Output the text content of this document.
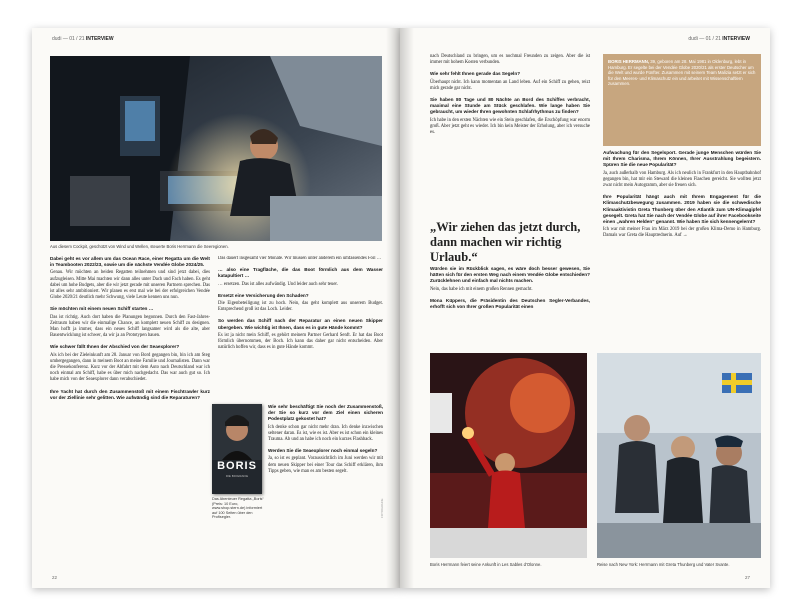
dudi — 01 / 21 INTERVIEW
Aus diesem Cockpit, geschützt von Wind und Wellen, steuerte Boris Herrmann die Seeregionen.
Dabei geht es vor allem um das Ocean Race, einer Regatta um die Welt in Teambooten 2022/23, sowie um die nächste Vendée Globe 2024/25.
Genau. Wir möchten an beiden Regatten teilnehmen und sind jetzt dabei, dies aufzugleisen. Mitte Mai machten wir dann alles unter Dach und Fach haben. Es geht dabei um hohe Budgets, aber die wir jetzt gerade mit unseren Partnern sprechen. Das ist alles sehr ambitioniert. Wir planen es erst mal wie bei der erfolgreichen Vendée Globe 2020/21 deutlich mehr Schwung, viele Leute kennen uns nun.
Sie möchten mit einem neuen Schiff starten …
Das ist richtig. Auch dort haben die Planungen begonnen. Durch den Fast-Jahres-Zeitraum haben wir die einmalige Chance, an komplett neuen Schiff zu designen. Man hofft ja immer, dass ein neues Schiff langsamer wird als die alte, aber Bauentwicklung ist schwer, da wir ja an Prototypen bauen.
Wie schwer fällt Ihnen der Abschied von der Seaexplorer?
Als ich bei der Zieleinkunft am 28. Januar von Bord gegangen bin, bin ich am Steg umhergegangen, dann in meinem Boot an meine Familie und Journalisten. Dann war die Pressekonferenz. Kurz vor der Abfahrt mit dem Auto nach Deutschland war ich noch einmal am Schiff, habe es über mich nachgedacht. Das war auch gut so. Ich habe mich von der Seaexplorer dann verabschiedet.
Ihre Yacht hat durch den Zusammenstoß mit einem Fischtrawler kurz vor der Ziellinie sehr gelitten. Wie aufwändig sind die Reparaturen?
Das dauert insgesamt vier Monate. Wir müssen unter anderem ein umfassendes Foil …
… also eine Tragfläche, die das Boot förmlich aus dem Wasser katapultiert …
… ersetzen. Das ist alles aufwändig. Und leider auch sehr teuer.
Ersetzt eine Versicherung den Schaden?
Die Eigenbeteiligung ist zu hoch. Nein, das geht komplett aus unserem Budget. Entsprechend groß ist das Loch. Leider.
So werden das Schiff nach der Reparatur an einen neuen Skipper übergeben. Wie wichtig ist Ihnen, dass es in gute Hände kommt?
Es ist ja nicht mein Schiff, es gehört meinem Partner Gerhard Senft. Er hat das Boot förmlich übernommen, der Boch. Ich kann das daher gar nicht entscheiden. Aber natürlich hoffen wir, dass es in gute Hände kommt.
Wie sehr beschäftigt Sie noch der Zusammenstoß, der Sie so kurz vor dem Ziel einen sicheren Podestplatz gekostet hat?
Ich denke schon gar nicht mehr dran. Ich denke inzwischen seltener daran. Es ist, wie es ist. Aber es ist schon ein kleines Trauma. Ab und an habe ich noch ein kurzes Flashback.
Werden Sie die Seaexplorer noch einmal segeln?
Ja, so ist es geplant. Voraussichtlich im Juni werden wir mit dem neuen Skipper bei einer Tour das Schiff erklären, ihm Tipps geben, wie man es am besten segelt.
BORIS
DIE BIOGRAFIE
Das Abenteuer Regatta „Boris“ (Preis: 10 Euro, www.shop.stern.de) informiert auf 100 Seiten über den Profisegler.	FOTOGRAFIE
22
dudi — 01 / 21 INTERVIEW
nach Deutschland zu bringen, um es nochmal Freunden zu zeigen. Aber die ist immer mit hohem Kosten verbunden.
Wie sehr fehlt Ihnen gerade das Segeln?
Überhaupt nicht. Ich kann momentan an Land leben. Auf ein Schiff zu gehen, reizt mich gerade gar nicht.
Sie haben 80 Tage und 80 Nächte an Bord des Schiffes verbracht, maximal eine Stunde am Stück geschlafen. Wie lange haben Sie gebraucht, um wieder Ihren gewohnten Schlafrhythmus zu finden?
Ich habe in den ersten Nächten wie ein Stein geschlafen, die Erschöpfung war enorm groß. Aber jetzt geht es wieder. Ich bin kein Meister der Erholung, aber ich versuche es.
„Wir ziehen das jetzt durch, dann machen wir richtig Urlaub.“
Würden sie im Rückblick sagen, es wäre doch besser gewesen, Sie hätten sich für den ersten Weg nach einem Vendée Globe entschieden? Zurücklehnen und einfach mal nichts machen.
Nein, das habe ich mit einem großen Rennen gemacht.
Mona Küppers, die Präsidentin des Deutschen Segler-Verbandes, erhofft sich von Ihrer großen Popularität einen
BORIS HERRMANN, 39, geboren am 28. Mai 1981 in Oldenburg, lebt in Hamburg. Er segelte bei der Vendée Globe 2020/21 als erster Deutscher um die Welt und wurde Fünfter. Zusammen mit seinem Team Malizia setzt er sich für den Meeres- und Klimaschutz ein und arbeitet mit Wissenschaftlern zusammen.
Aufwachung für den Segelsport. Gerade junge Menschen würden Sie mit Ihrem Charisma, Ihrem Können, Ihrer Ausstrahlung begeistern. Spüren Sie die neue Popularität?
Ja, auch außerhalb von Hamburg. Als ich neulich in Frankfurt in den Hauptbahnhof gegangen bin, hat mir ein Steward die kleinen Flaschen gereicht. Sie wollten jetzt zwar nicht mein Autogramm, aber sie freuen sich.
Ihre Popularität hängt auch mit Ihrem Engagement für die Klimaschutzbewegung zusammen. 2019 haben sie die schwedische Klimaaktivistin Greta Thunberg über den Atlantik zum UN-Klimagipfel gesegelt. Greta hat Sie nach der Vendée Globe auf ihrer Facebookseite einen „wahren Helden“ genannt. Wie haben Sie sich kennengelernt?
Ich war mit meiner Frau im März 2019 bei der großen Klima-Demo in Hamburg. Damals war Greta die Hauptrednerin. Auf →
Boris Herrmann feiert seine Ankunft in Les Sables d’Olonne.	Reise nach New York: Herrmann mit Greta Thunberg und Vater Svante.
27
